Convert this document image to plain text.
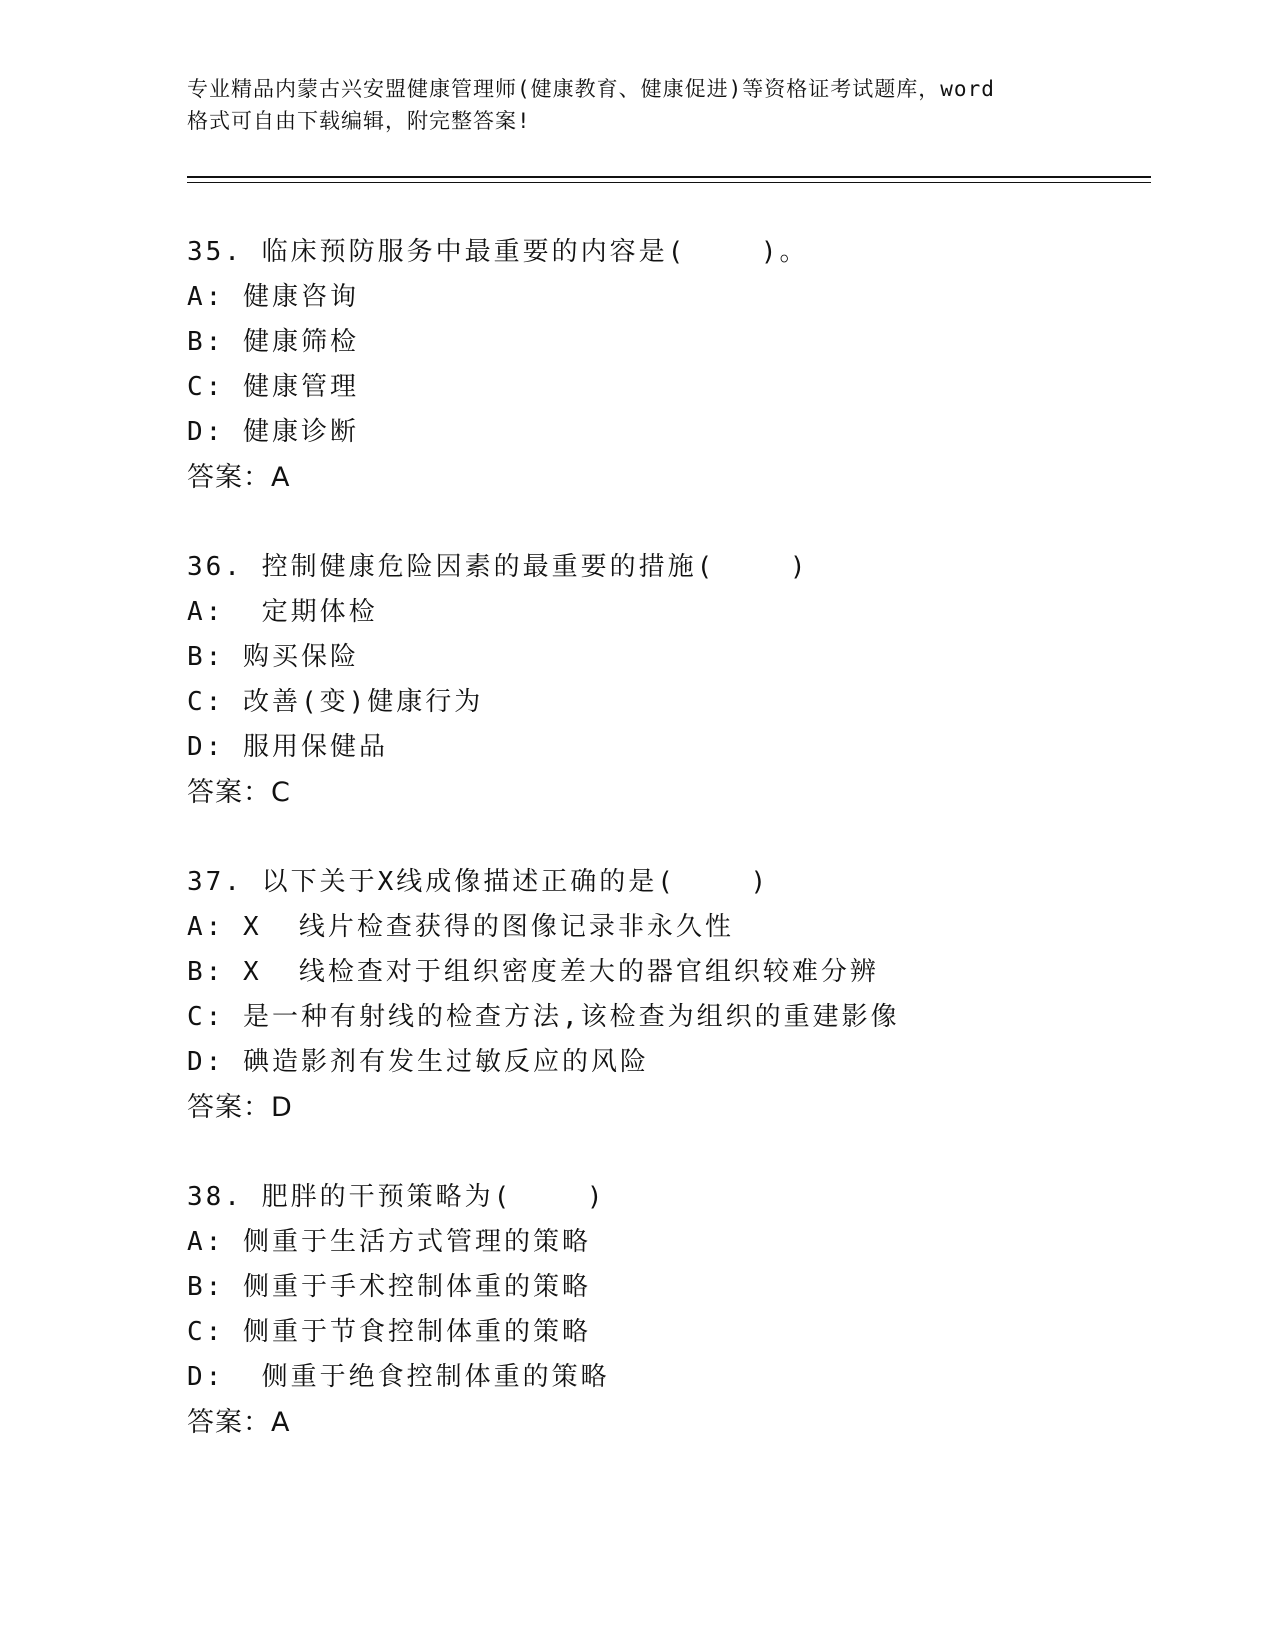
专业精品内蒙古兴安盟健康管理师(健康教育、健康促进)等资格证考试题库，word
格式可自由下载编辑，附完整答案!
35. 临床预防服务中最重要的内容是(    )。
A: 健康咨询
B: 健康筛检
C: 健康管理
D: 健康诊断
答案：A
36. 控制健康危险因素的最重要的措施(    )
A:  定期体检
B: 购买保险
C: 改善(变)健康行为
D: 服用保健品
答案：C
37. 以下关于X线成像描述正确的是(    )
A: X  线片检查获得的图像记录非永久性
B: X  线检查对于组织密度差大的器官组织较难分辨
C: 是一种有射线的检查方法,该检查为组织的重建影像
D: 碘造影剂有发生过敏反应的风险
答案：D
38. 肥胖的干预策略为(    )
A: 侧重于生活方式管理的策略
B: 侧重于手术控制体重的策略
C: 侧重于节食控制体重的策略
D:  侧重于绝食控制体重的策略
答案：A
